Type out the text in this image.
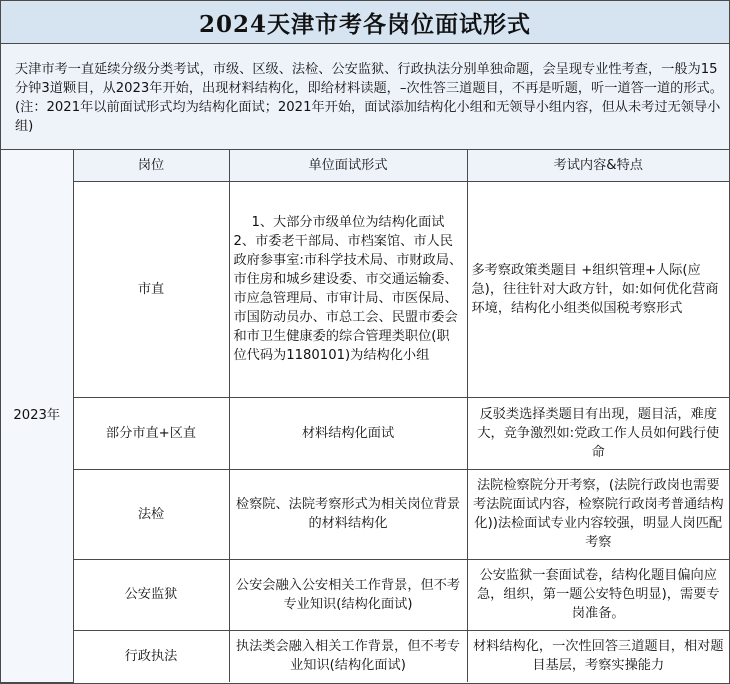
2024天津市考各岗位面试形式
天津市考一直延续分级分类考试，市级、区级、法检、公安监狱、行政执法分别单独命题，会呈现专业性考查，一般为15分钟3道颗目，从2023年开始，出现材料结构化，即给材料读题，–次性答三道题目，不再是听题，听一道答一道的形式。(注：2021年以前面试形式均为结构化面试；2021年开始，面试添加结构化小组和无领导小组内容，但从未考过无领导小组)
2023年	岗位	单位面试形式	考试内容&特点
	市直	1、大部分市级单位为结构化面试
2、市委老干部局、市档案馆、市人民政府参事室:市科学技术局、市财政局、市住房和城乡建设委、市交通运输委、市应急管理局、市审计局、市医保局、市国防动员办、市总工会、民盟市委会和市卫生健康委的综合管理类职位(职位代码为1180101)为结构化小组	多考察政策类题目 +组织管理+人际(应急)，往往针对大政方针，如:如何优化营商环境，结构化小组类似国税考察形式
	部分市直+区直	材料结构化面试	反驳类选择类题目有出现，题目活，难度大，竞争激烈如:党政工作人员如何践行使命
	法检	检察院、法院考察形式为相关岗位背景的材料结构化	法院检察院分开考察，(法院行政岗也需要考法院面试内容，检察院行政岗考普通结构化))法检面试专业内容较强，明显人岗匹配考察
	公安监狱	公安会融入公安相关工作背景，但不考专业知识(结构化面试)	公安监狱一套面试卷，结构化题目偏向应急，组织，第一题公安特色明显)，需要专岗准备。
	行政执法	执法类会融入相关工作背景，但不考专业知识(结构化面试)	材料结构化，一次性回答三道题目，相对题目基层，考察实操能力
